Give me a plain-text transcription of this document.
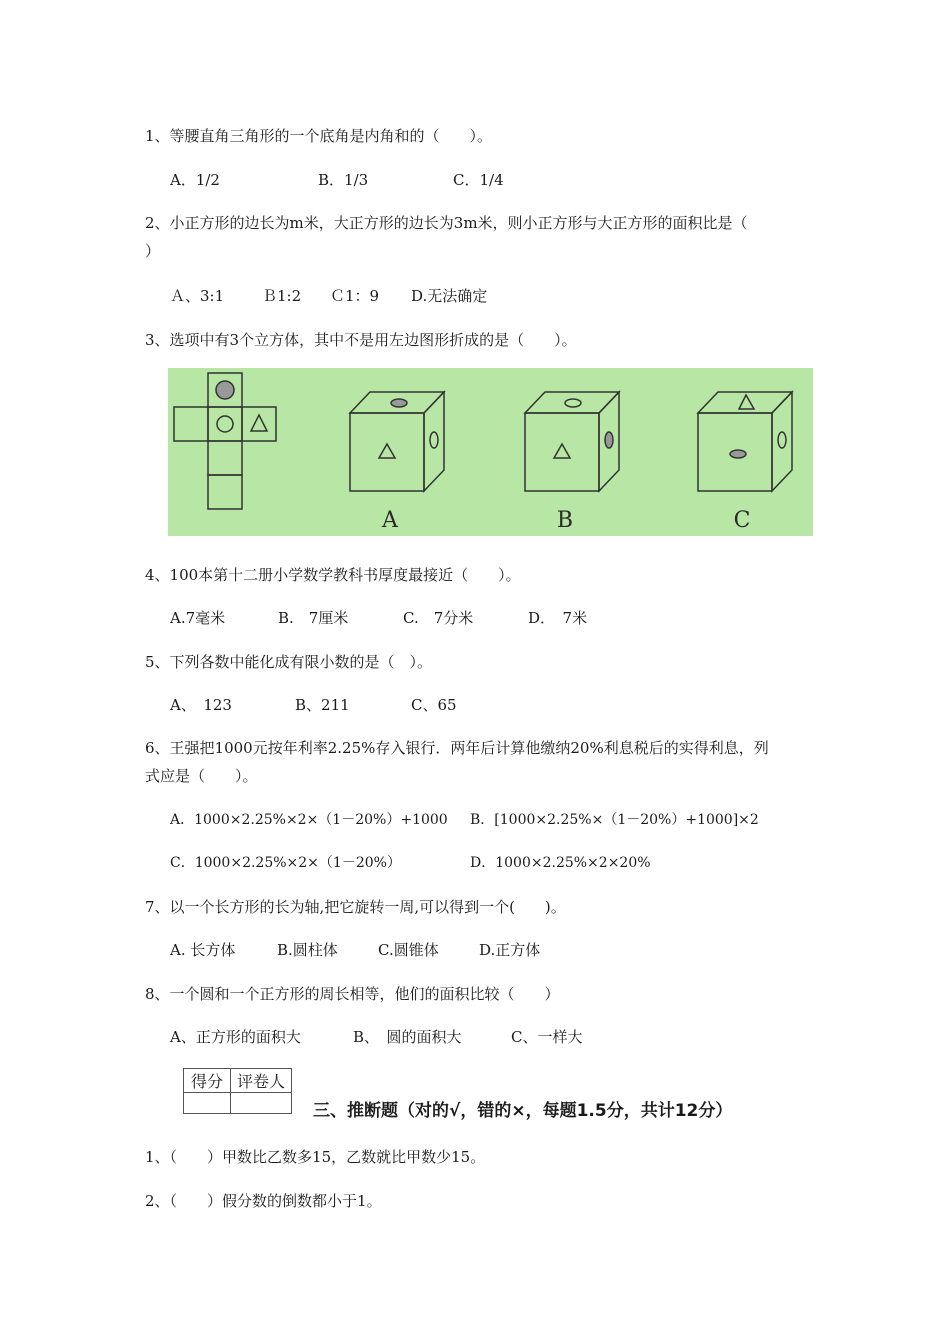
1、等腰直角三角形的一个底角是内角和的（　　）。
A．1/2	B．1/3	C．1/4
2、小正方形的边长为m米，大正方形的边长为3m米，则小正方形与大正方形的面积比是（
）
Ａ、3:1	Ｂ1:2 Ｃ1：9 D.无法确定
3、选项中有3个立方体，其中不是用左边图形折成的是（　　）。
A	B	C
4、100本第十二册小学数学教科书厚度最接近（　　）。
A.7毫米	B.　7厘米	C.　7分米	D．　7米
5、下列各数中能化成有限小数的是（　）。
A、　123	B、211	C、65
6、王强把1000元按年利率2.25%存入银行．两年后计算他缴纳20%利息税后的实得利息，列
式应是（　　）。
A．1000×2.25%×2×（1－20%）+1000 B．[1000×2.25%×（1－20%）+1000]×2
C．1000×2.25%×2×（1－20%）	D．1000×2.25%×2×20%
7、以一个长方形的长为轴,把它旋转一周,可以得到一个(　　)。
A. 长方体	B.圆柱体	C.圆锥体	D.正方体
8、一个圆和一个正方形的周长相等，他们的面积比较（　　）
A、正方形的面积大	B、　圆的面积大	C、一样大
得分	评卷人

三、推断题（对的√，错的×，每题1.5分，共计12分）
1、（　　）甲数比乙数多15，乙数就比甲数少15。
2、（　　）假分数的倒数都小于1。
